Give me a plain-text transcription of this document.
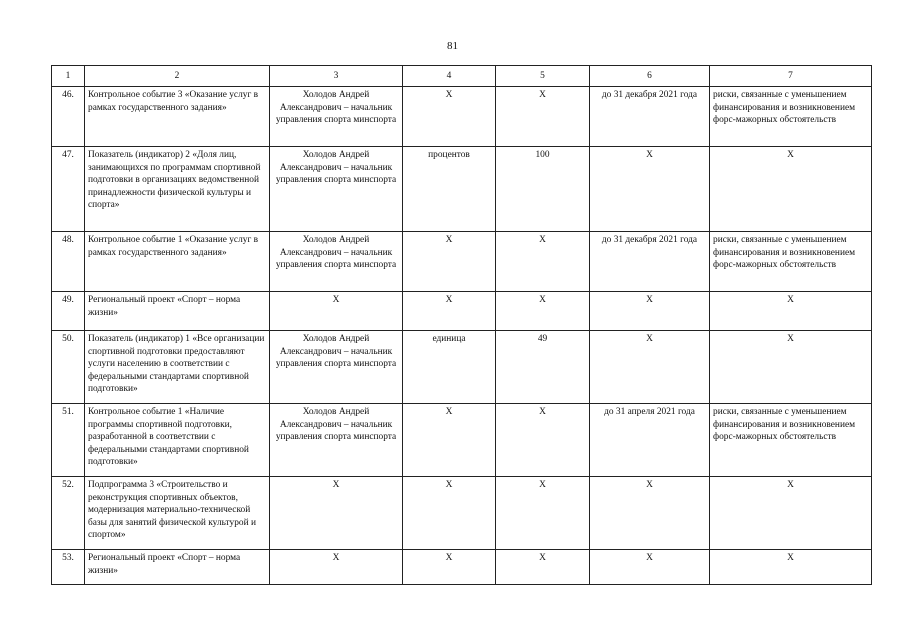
81
1	2	3	4	5	6	7
46.	Контрольное событие 3 «Оказание услуг в рамках государственного задания»	Холодов Андрей Александрович – начальник управления спорта минспорта	X	X	до 31 декабря 2021 года	риски, связанные с уменьшением финансирования и возникновением форс-мажорных обстоятельств
47.	Показатель (индикатор) 2 «Доля лиц, занимающихся по программам спортивной подготовки в организациях ведомственной принадлежности физической культуры и спорта»	Холодов Андрей Александрович – начальник управления спорта минспорта	процентов	100	X	X
48.	Контрольное событие 1 «Оказание услуг в рамках государственного задания»	Холодов Андрей Александрович – начальник управления спорта минспорта	X	X	до 31 декабря 2021 года	риски, связанные с уменьшением финансирования и возникновением форс-мажорных обстоятельств
49.	Региональный проект «Спорт – норма жизни»	X	X	X	X	X
50.	Показатель (индикатор) 1 «Все организации спортивной подготовки предоставляют услуги населению в соответствии с федеральными стандартами спортивной подготовки»	Холодов Андрей Александрович – начальник управления спорта минспорта	единица	49	X	X
51.	Контрольное событие 1 «Наличие программы спортивной подготовки, разработанной в соответствии с федеральными стандартами спортивной подготовки»	Холодов Андрей Александрович – начальник управления спорта минспорта	X	X	до 31 апреля 2021 года	риски, связанные с уменьшением финансирования и возникновением форс-мажорных обстоятельств
52.	Подпрограмма 3 «Строительство и реконструкция спортивных объектов, модернизация материально-технической базы для занятий физической культурой и спортом»	X	X	X	X	X
53.	Региональный проект «Спорт – норма жизни»	X	X	X	X	X
